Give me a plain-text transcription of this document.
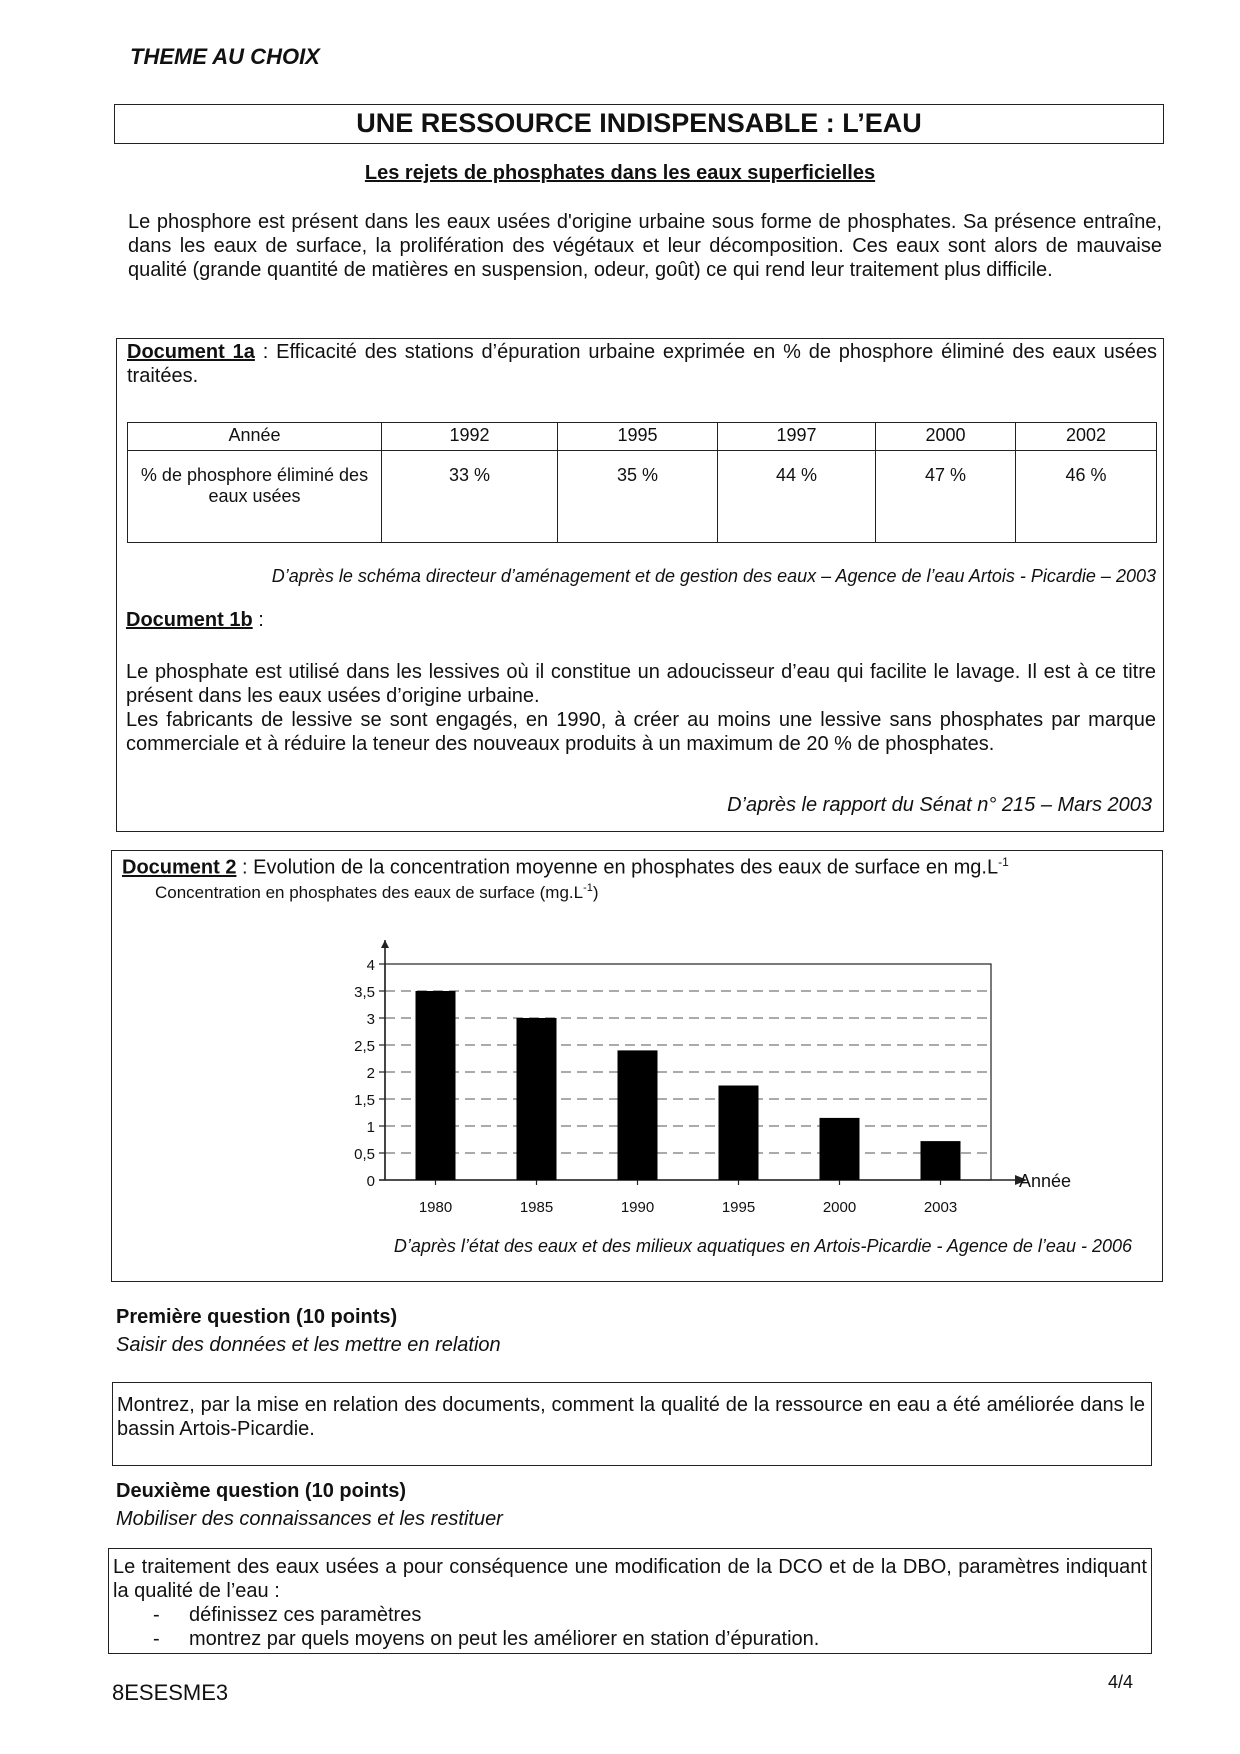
THEME AU CHOIX
UNE RESSOURCE INDISPENSABLE : L’EAU
Les rejets de phosphates dans les eaux superficielles

Le phosphore est présent dans les eaux usées d'origine urbaine sous forme de phosphates. Sa présence entraîne, dans les eaux de surface, la prolifération des végétaux et leur décomposition. Ces eaux sont alors de mauvaise qualité (grande quantité de matières en suspension, odeur, goût) ce qui rend leur traitement plus difficile.

Document 1a : Efficacité des stations d’épuration urbaine exprimée en % de phosphore éliminé des eaux usées traitées.
Année	1992	1995	1997	2000	2002
% de phosphore éliminé des eaux usées	33 %	35 %	44 %	47 %	46 %
D’après le schéma directeur d’aménagement et de gestion des eaux – Agence de l’eau Artois - Picardie – 2003
Document 1b :

Le phosphate est utilisé dans les lessives où il constitue un adoucisseur d’eau qui facilite le lavage. Il est à ce titre présent dans les eaux usées d’origine urbaine.

Les fabricants de lessive se sont engagés, en 1990, à créer au moins une lessive sans phosphates par marque commerciale et à réduire la teneur des nouveaux produits à un maximum de 20 % de phosphates.

D’après le rapport du Sénat n° 215 – Mars 2003
Document 2 : Evolution de la concentration moyenne en phosphates des eaux de surface en $mg.L^{-1}$
Concentration en phosphates des eaux de surface $(mg.L^{-1})$
0
0,5
1
1,5
2
2,5
3
3,5
4
1980	1985	1990	1995	2000	2003
Année
D’après l’état des eaux et des milieux aquatiques en Artois-Picardie - Agence de l’eau - 2006
Première question (10 points)
Saisir des données et les mettre en relation

Montrez, par la mise en relation des documents, comment la qualité de la ressource en eau a été améliorée dans le bassin Artois-Picardie.

Deuxième question (10 points)
Mobiliser des connaissances et les restituer

Le traitement des eaux usées a pour conséquence une modification de la DCO et de la DBO, paramètres indiquant la qualité de l’eau :

- définissez ces paramètres
- montrez par quels moyens on peut les améliorer en station d’épuration.
8ESESME3	4/4
